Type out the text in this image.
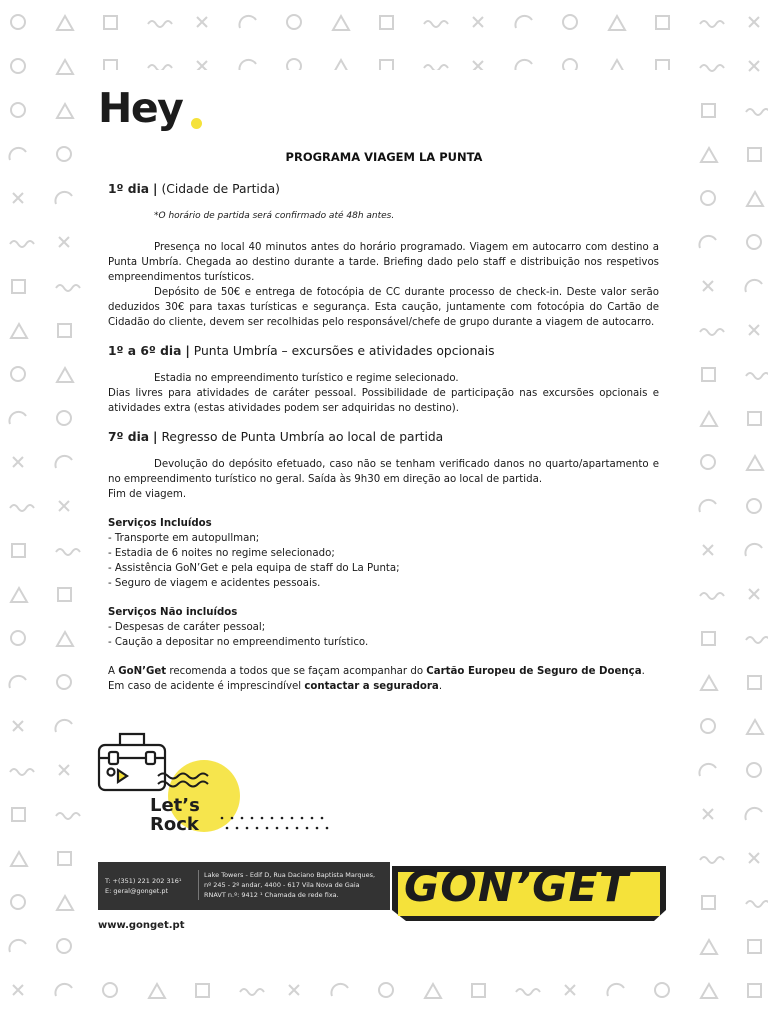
Hey
PROGRAMA VIAGEM LA PUNTA

1º dia | (Cidade de Partida)

*O horário de partida será confirmado até 48h antes.

Presença no local 40 minutos antes do horário programado. Viagem em autocarro com destino a Punta Umbría. Chegada ao destino durante a tarde. Briefing dado pelo staff e distribuição nos respetivos empreendimentos turísticos.

Depósito de 50€ e entrega de fotocópia de CC durante processo de check-in. Deste valor serão deduzidos 30€ para taxas turísticas e segurança. Esta caução, juntamente com fotocópia do Cartão de Cidadão do cliente, devem ser recolhidas pelo responsável/chefe de grupo durante a viagem de autocarro.

1º a 6º dia | Punta Umbría – excursões e atividades opcionais

Estadia no empreendimento turístico e regime selecionado.

Dias livres para atividades de caráter pessoal. Possibilidade de participação nas excursões opcionais e atividades extra (estas atividades podem ser adquiridas no destino).

7º dia | Regresso de Punta Umbría ao local de partida

Devolução do depósito efetuado, caso não se tenham verificado danos no quarto/apartamento e no empreendimento turístico no geral. Saída às 9h30 em direção ao local de partida.

Fim de viagem.

Serviços Incluídos

- Transporte em autopullman;
- Estadia de 6 noites no regime selecionado;
- Assistência GoN’Get e pela equipa de staff do La Punta;
- Seguro de viagem e acidentes pessoais.

Serviços Não incluídos

- Despesas de caráter pessoal;
- Caução a depositar no empreendimento turístico.

A GoN’Get recomenda a todos que se façam acompanhar do Cartão Europeu de Seguro de Doença.

Em caso de acidente é imprescindível contactar a seguradora.

Let’s
Rock
T: +(351) 221 202 316¹
E: geral@gonget.pt
Lake Towers - Edif D, Rua Daciano Baptista Marques,
nº 245 - 2º andar, 4400 - 617 Vila Nova de Gaia
RNAVT n.º: 9412 ¹ Chamada de rede fixa.	GON’GET
www.gonget.pt
